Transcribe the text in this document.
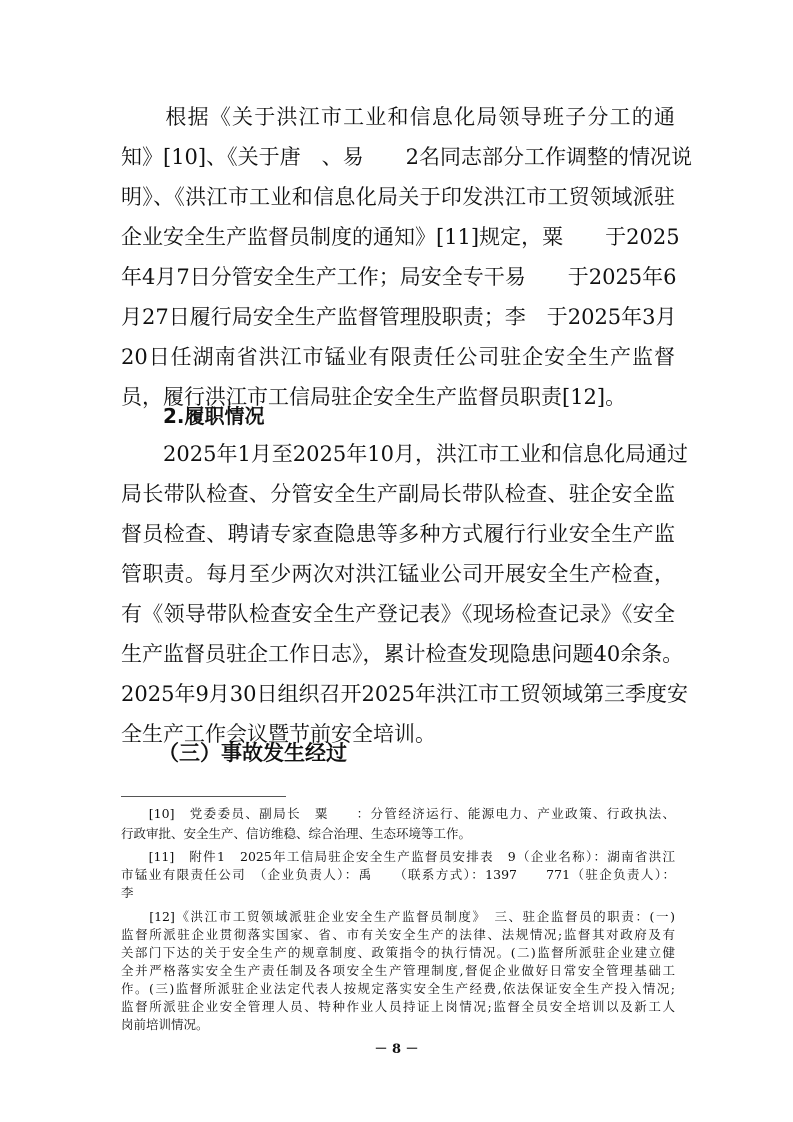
　　根据《关于洪江市工业和信息化局领导班子分工的通
知》[10]、《关于唐　、易　　2名同志部分工作调整的情况说
明》、《洪江市工业和信息化局关于印发洪江市工贸领域派驻
企业安全生产监督员制度的通知》[11]规定，粟　　于2025
年4月7日分管安全生产工作；局安全专干易　　于2025年6
月27日履行局安全生产监督管理股职责；李　于2025年3月
20日任湖南省洪江市锰业有限责任公司驻企安全生产监督
员，履行洪江市工信局驻企安全生产监督员职责[12]。
2.履职情况
　　2025年1月至2025年10月，洪江市工业和信息化局通过
局长带队检查、分管安全生产副局长带队检查、驻企安全监
督员检查、聘请专家查隐患等多种方式履行行业安全生产监
管职责。每月至少两次对洪江锰业公司开展安全生产检查，
有《领导带队检查安全生产登记表》《现场检查记录》《安全
生产监督员驻企工作日志》，累计检查发现隐患问题40余条。
2025年9月30日组织召开2025年洪江市工贸领域第三季度安
全生产工作会议暨节前安全培训。
（三）事故发生经过
　　[10]　党委委员、副局长　粟　　：分管经济运行、能源电力、产业政策、行政执法、
行政审批、安全生产、信访维稳、综合治理、生态环境等工作。
　　[11]　附件1　2025年工信局驻企安全生产监督员安排表　9（企业名称）：湖南省洪江
市锰业有限责任公司　（企业负责人）：禹　　（联系方式）：1397　　771（驻企负责人）：
李　
　　[12]《洪江市工贸领域派驻企业安全生产监督员制度》　三、驻企监督员的职责：(一)
监督所派驻企业贯彻落实国家、省、市有关安全生产的法律、法规情况;监督其对政府及有
关部门下达的关于安全生产的规章制度、政策指令的执行情况。(二)监督所派驻企业建立健
全并严格落实安全生产责任制及各项安全生产管理制度,督促企业做好日常安全管理基础工
作。(三)监督所派驻企业法定代表人按规定落实安全生产经费,依法保证安全生产投入情况;
监督所派驻企业安全管理人员、特种作业人员持证上岗情况;监督全员安全培训以及新工人
岗前培训情况。
－ 8 －
